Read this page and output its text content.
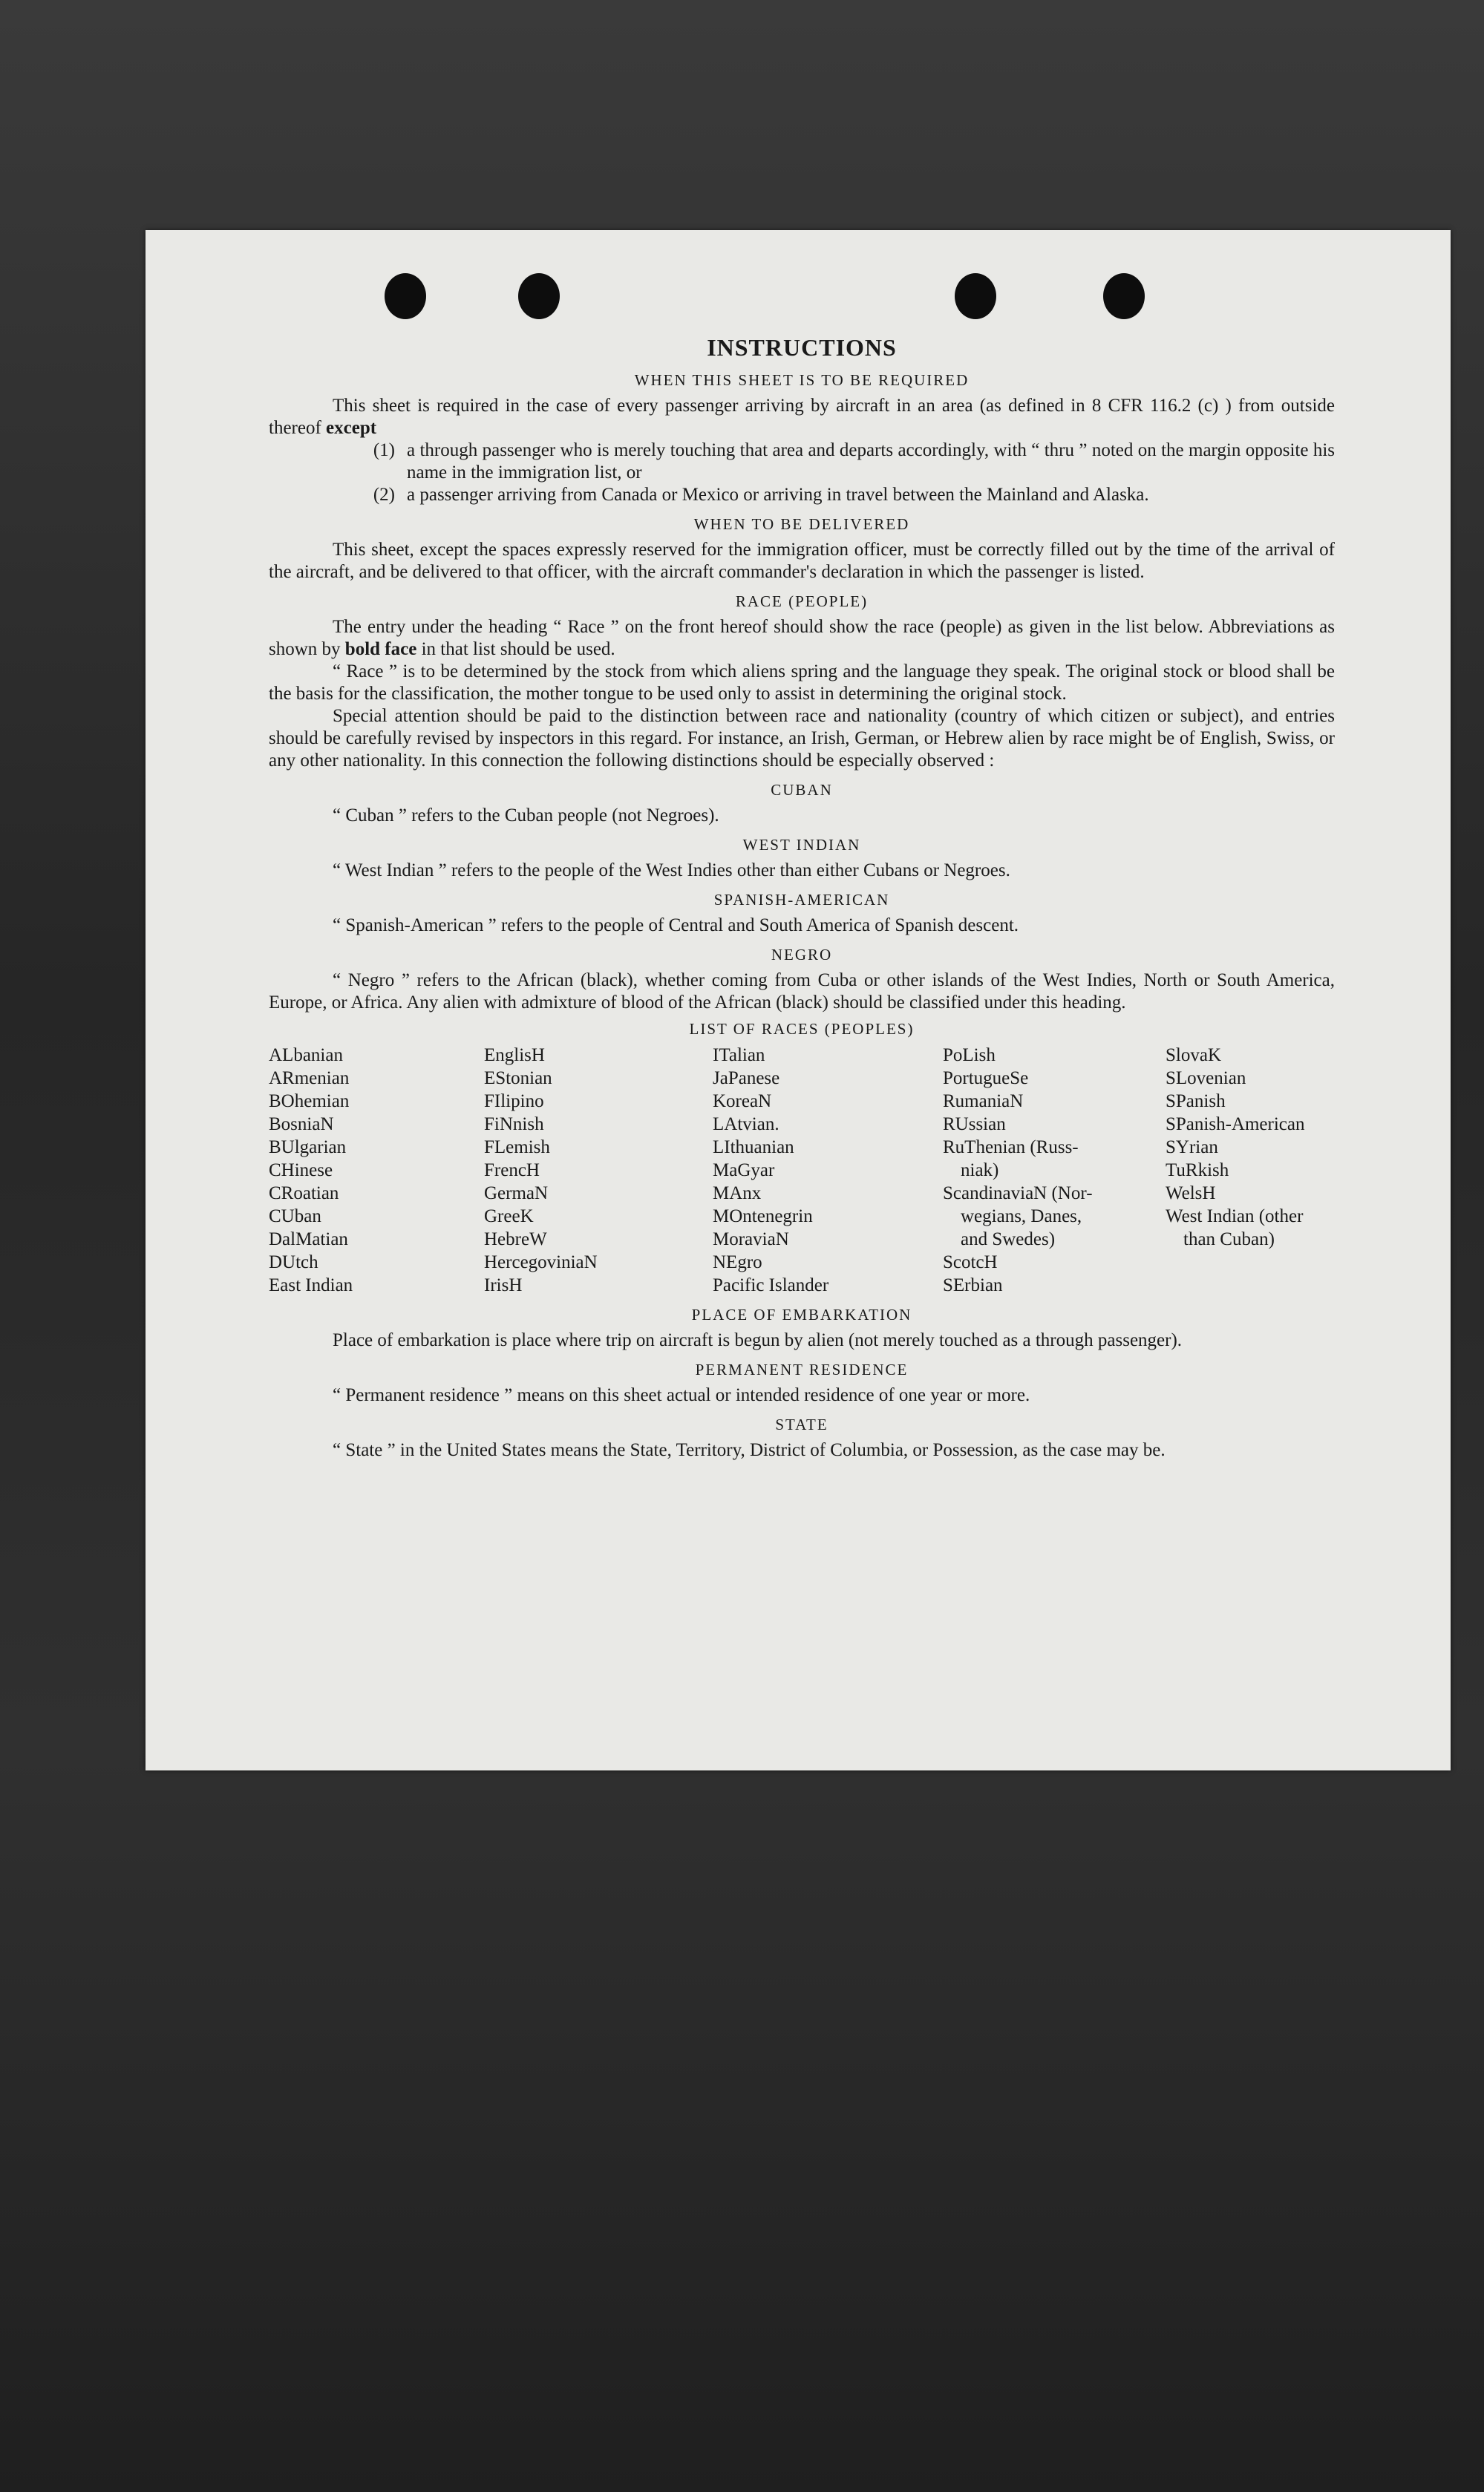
INSTRUCTIONS
WHEN THIS SHEET IS TO BE REQUIRED

This sheet is required in the case of every passenger arriving by aircraft in an area (as defined in 8 CFR 116.2 (c) ) from outside thereof except

(1) a through passenger who is merely touching that area and departs accordingly, with “ thru ” noted on the margin opposite his name in the immigration list, or
(2) a passenger arriving from Canada or Mexico or arriving in travel between the Mainland and Alaska.
WHEN TO BE DELIVERED

This sheet, except the spaces expressly reserved for the immigration officer, must be correctly filled out by the time of the arrival of the aircraft, and be delivered to that officer, with the aircraft commander's declaration in which the passenger is listed.

RACE (PEOPLE)

The entry under the heading “ Race ” on the front hereof should show the race (people) as given in the list below. Abbreviations as shown by bold face in that list should be used.

“ Race ” is to be determined by the stock from which aliens spring and the language they speak. The original stock or blood shall be the basis for the classification, the mother tongue to be used only to assist in determining the original stock.

Special attention should be paid to the distinction between race and nationality (country of which citizen or subject), and entries should be carefully revised by inspectors in this regard. For instance, an Irish, German, or Hebrew alien by race might be of English, Swiss, or any other nationality. In this connection the following distinctions should be especially observed :

CUBAN

“ Cuban ” refers to the Cuban people (not Negroes).

WEST INDIAN

“ West Indian ” refers to the people of the West Indies other than either Cubans or Negroes.

SPANISH-AMERICAN

“ Spanish-American ” refers to the people of Central and South America of Spanish descent.

NEGRO

“ Negro ” refers to the African (black), whether coming from Cuba or other islands of the West Indies, North or South America, Europe, or Africa. Any alien with admixture of blood of the African (black) should be classified under this heading.

LIST OF RACES (PEOPLES)
ALbanian
ARmenian
BOhemian
BosniaN
BUlgarian
CHinese
CRoatian
CUban
DalMatian
DUtch
East Indian
EnglisH
EStonian
FIlipino
FiNnish
FLemish
FrencH
GermaN
GreeK
HebreW
HercegoviniaN
IrisH
ITalian
JaPanese
KoreaN
LAtvian.
LIthuanian
MaGyar
MAnx
MOntenegrin
MoraviaN
NEgro
Pacific Islander
PoLish
PortugueSe
RumaniaN
RUssian
RuThenian (Russ-
niak)
ScandinaviaN (Nor-
wegians, Danes,
and Swedes)
ScotcH
SErbian
SlovaK
SLovenian
SPanish
SPanish-American
SYrian
TuRkish
WelsH
West Indian (other
than Cuban)
PLACE OF EMBARKATION

Place of embarkation is place where trip on aircraft is begun by alien (not merely touched as a through passenger).

PERMANENT RESIDENCE

“ Permanent residence ” means on this sheet actual or intended residence of one year or more.

STATE

“ State ” in the United States means the State, Territory, District of Columbia, or Possession, as the case may be.
